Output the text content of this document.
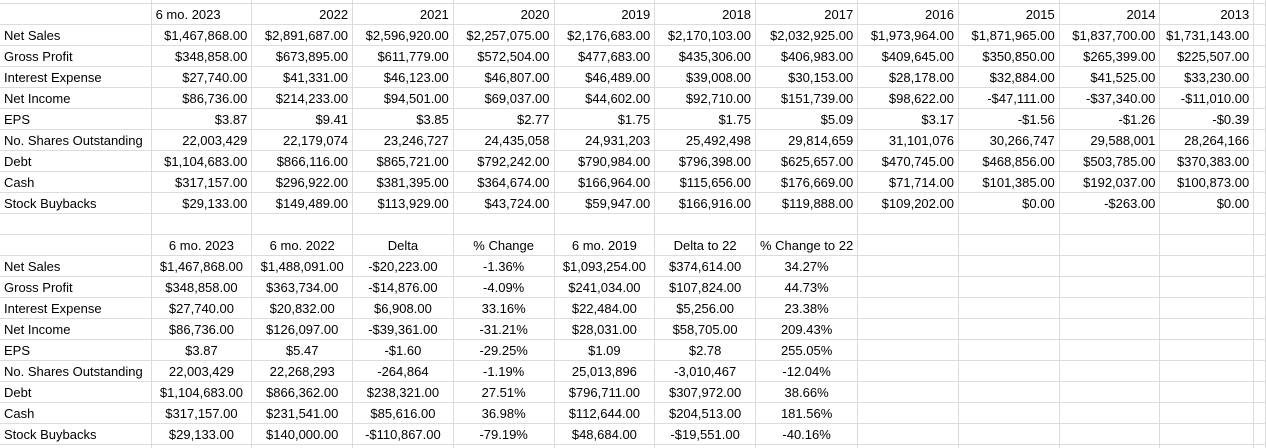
	6 mo. 2023	2022	2021	2020	2019	2018	2017	2016	2015	2014	2013	
Net Sales	$1,467,868.00	$2,891,687.00	$2,596,920.00	$2,257,075.00	$2,176,683.00	$2,170,103.00	$2,032,925.00	$1,973,964.00	$1,871,965.00	$1,837,700.00	$1,731,143.00	
Gross Profit	$348,858.00	$673,895.00	$611,779.00	$572,504.00	$477,683.00	$435,306.00	$406,983.00	$409,645.00	$350,850.00	$265,399.00	$225,507.00	
Interest Expense	$27,740.00	$41,331.00	$46,123.00	$46,807.00	$46,489.00	$39,008.00	$30,153.00	$28,178.00	$32,884.00	$41,525.00	$33,230.00	
Net Income	$86,736.00	$214,233.00	$94,501.00	$69,037.00	$44,602.00	$92,710.00	$151,739.00	$98,622.00	-$47,111.00	-$37,340.00	-$11,010.00	
EPS	$3.87	$9.41	$3.85	$2.77	$1.75	$1.75	$5.09	$3.17	-$1.56	-$1.26	-$0.39	
No. Shares Outstanding	22,003,429	22,179,074	23,246,727	24,435,058	24,931,203	25,492,498	29,814,659	31,101,076	30,266,747	29,588,001	28,264,166	
Debt	$1,104,683.00	$866,116.00	$865,721.00	$792,242.00	$790,984.00	$796,398.00	$625,657.00	$470,745.00	$468,856.00	$503,785.00	$370,383.00	
Cash	$317,157.00	$296,922.00	$381,395.00	$364,674.00	$166,964.00	$115,656.00	$176,669.00	$71,714.00	$101,385.00	$192,037.00	$100,873.00	
Stock Buybacks	$29,133.00	$149,489.00	$113,929.00	$43,724.00	$59,947.00	$166,916.00	$119,888.00	$109,202.00	$0.00	-$263.00	$0.00	

	6 mo. 2023	6 mo. 2022	Delta	% Change	6 mo. 2019	Delta to 22	% Change to 22					
Net Sales	$1,467,868.00	$1,488,091.00	-$20,223.00	-1.36%	$1,093,254.00	$374,614.00	34.27%					
Gross Profit	$348,858.00	$363,734.00	-$14,876.00	-4.09%	$241,034.00	$107,824.00	44.73%					
Interest Expense	$27,740.00	$20,832.00	$6,908.00	33.16%	$22,484.00	$5,256.00	23.38%					
Net Income	$86,736.00	$126,097.00	-$39,361.00	-31.21%	$28,031.00	$58,705.00	209.43%					
EPS	$3.87	$5.47	-$1.60	-29.25%	$1.09	$2.78	255.05%					
No. Shares Outstanding	22,003,429	22,268,293	-264,864	-1.19%	25,013,896	-3,010,467	-12.04%					
Debt	$1,104,683.00	$866,362.00	$238,321.00	27.51%	$796,711.00	$307,972.00	38.66%					
Cash	$317,157.00	$231,541.00	$85,616.00	36.98%	$112,644.00	$204,513.00	181.56%					
Stock Buybacks	$29,133.00	$140,000.00	-$110,867.00	-79.19%	$48,684.00	-$19,551.00	-40.16%					
